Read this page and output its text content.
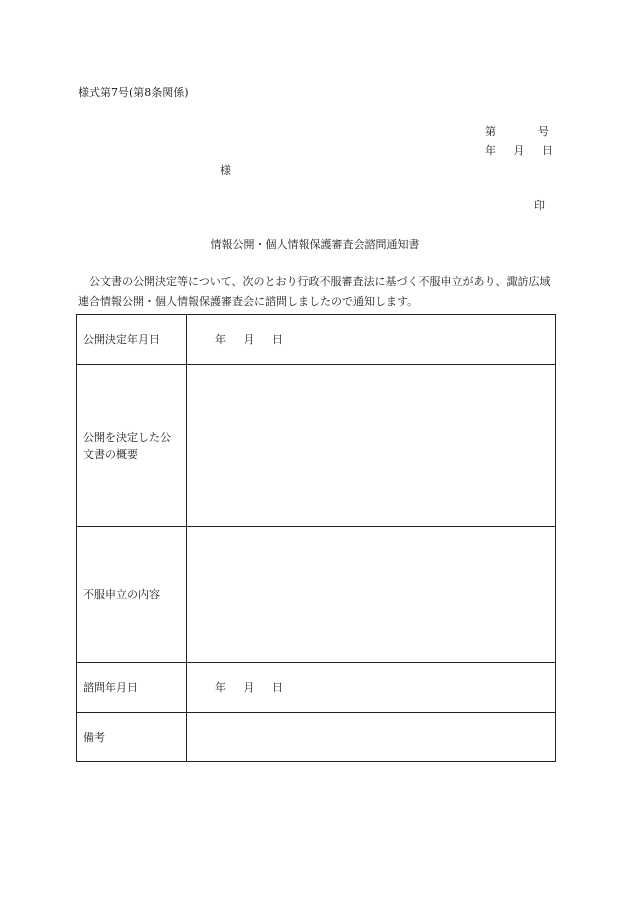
様式第7号(第8条関係)
第	号
年 月 日
様
印
情報公開・個人情報保護審査会諮問通知書
公文書の公開決定等について、次のとおり行政不服審査法に基づく不服申立があり、諏訪広域連合情報公開・個人情報保護審査会に諮問しましたので通知します。
公開決定年月日	年 月 日
公開を決定した公文書の概要	
不服申立の内容	
諮問年月日	年 月 日
備考	
